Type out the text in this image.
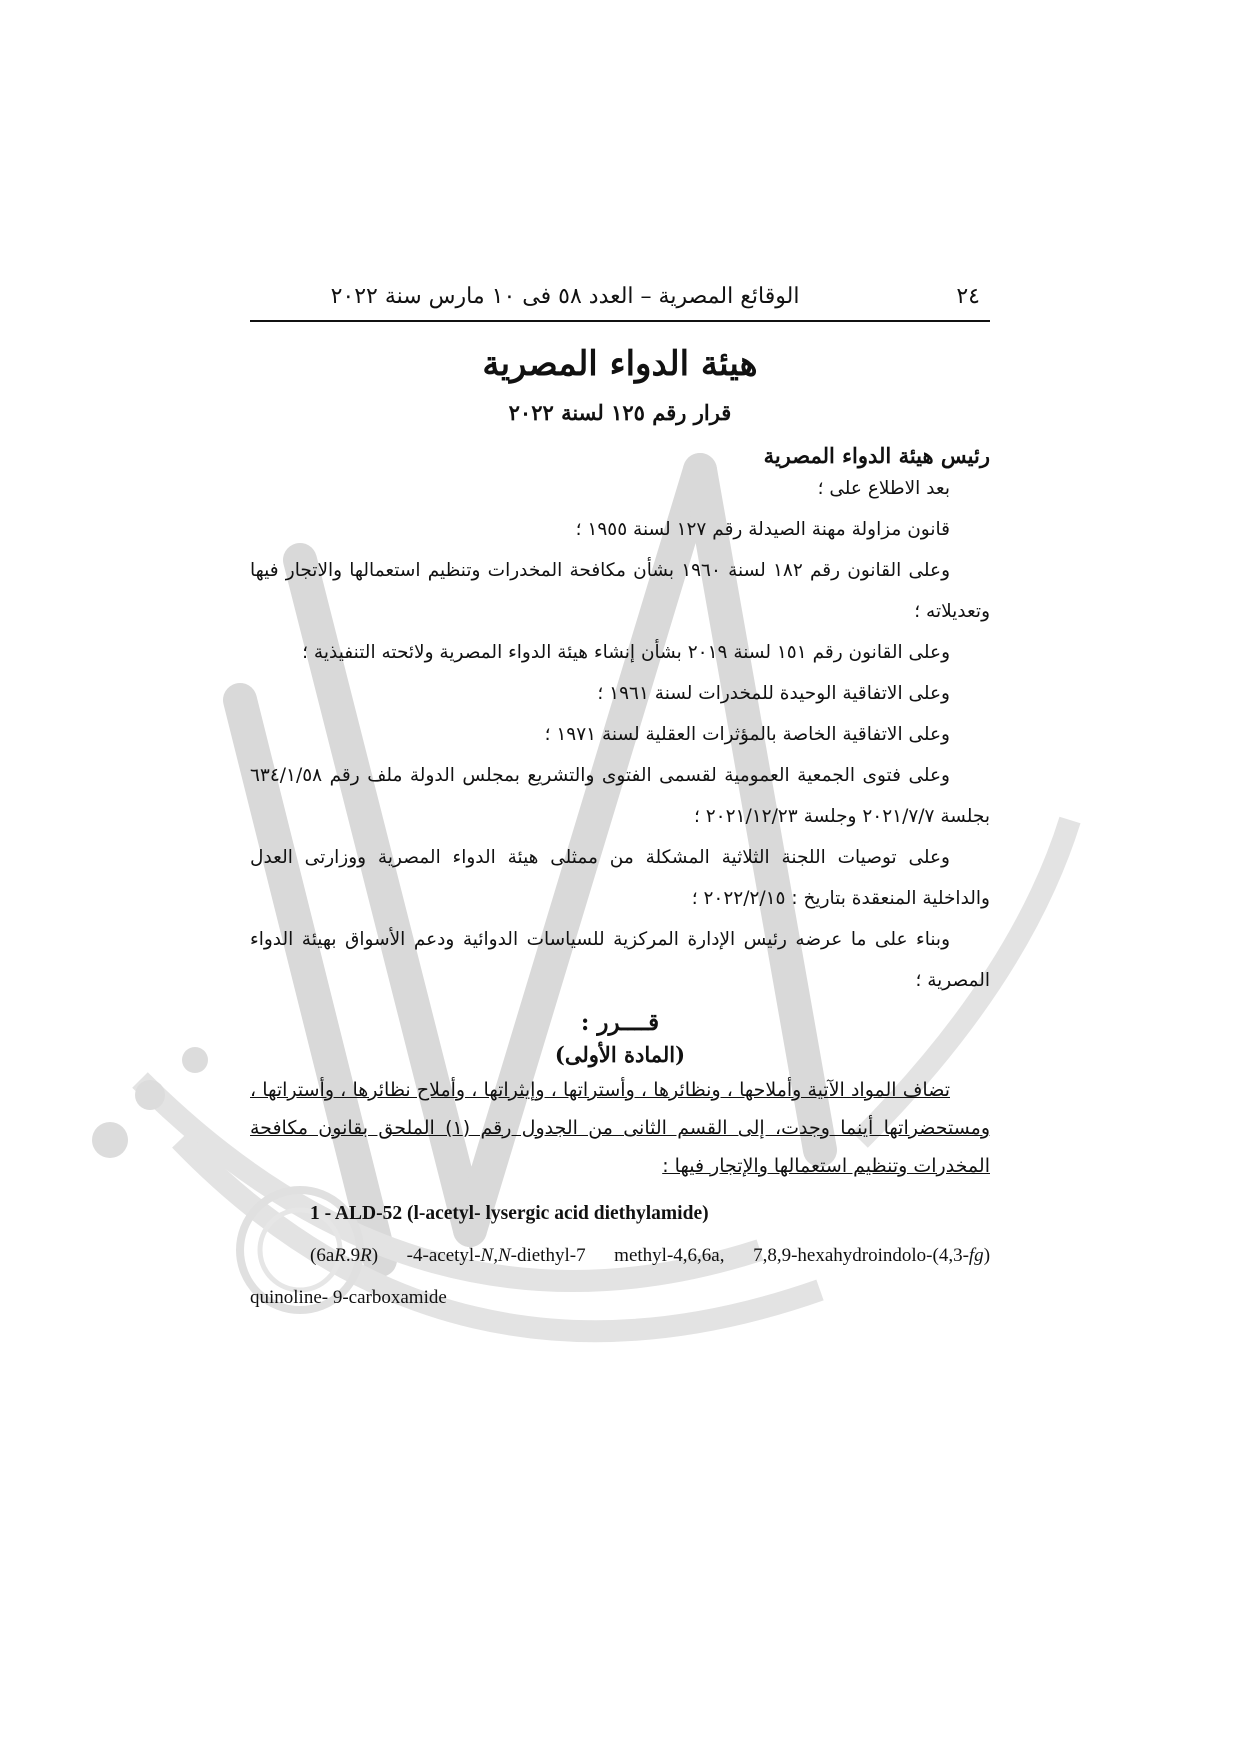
٢٤
الوقائع المصرية – العدد ٥٨ فى ١٠ مارس سنة ٢٠٢٢
هيئة الدواء المصرية
قرار رقم ١٢٥ لسنة ٢٠٢٢
رئيس هيئة الدواء المصرية

بعد الاطلاع على ؛

قانون مزاولة مهنة الصيدلة رقم ١٢٧ لسنة ١٩٥٥ ؛

وعلى القانون رقم ١٨٢ لسنة ١٩٦٠ بشأن مكافحة المخدرات وتنظيم استعمالها والاتجار فيها وتعديلاته ؛

وعلى القانون رقم ١٥١ لسنة ٢٠١٩ بشأن إنشاء هيئة الدواء المصرية ولائحته التنفيذية ؛

وعلى الاتفاقية الوحيدة للمخدرات لسنة ١٩٦١ ؛

وعلى الاتفاقية الخاصة بالمؤثرات العقلية لسنة ١٩٧١ ؛

وعلى فتوى الجمعية العمومية لقسمى الفتوى والتشريع بمجلس الدولة ملف رقم ٦٣٤/١/٥٨ بجلسة ٢٠٢١/٧/٧ وجلسة ٢٠٢١/١٢/٢٣ ؛

وعلى توصيات اللجنة الثلاثية المشكلة من ممثلى هيئة الدواء المصرية ووزارتى العدل والداخلية المنعقدة بتاريخ : ٢٠٢٢/٢/١٥ ؛

وبناء على ما عرضه رئيس الإدارة المركزية للسياسات الدوائية ودعم الأسواق بهيئة الدواء المصرية ؛

قــــرر :
(المادة الأولى)

تضاف المواد الآتية وأملاحها ، ونظائرها ، وأستراتها ، وإيثراتها ، وأملاح نظائرها ، وأستراتها ، ومستحضراتها أينما وجدت، إلى القسم الثانى من الجدول رقم (١) الملحق بقانون مكافحة المخدرات وتنظيم استعمالها والإتجار فيها :

1 - ALD-52 (l-acetyl- lysergic acid diethylamide)
(6aR.9R) -4-acetyl-N,N-diethyl-7 methyl-4,6,6a, 7,8,9-hexahydroindolo-(4,3-fg) quinoline- 9-carboxamide
